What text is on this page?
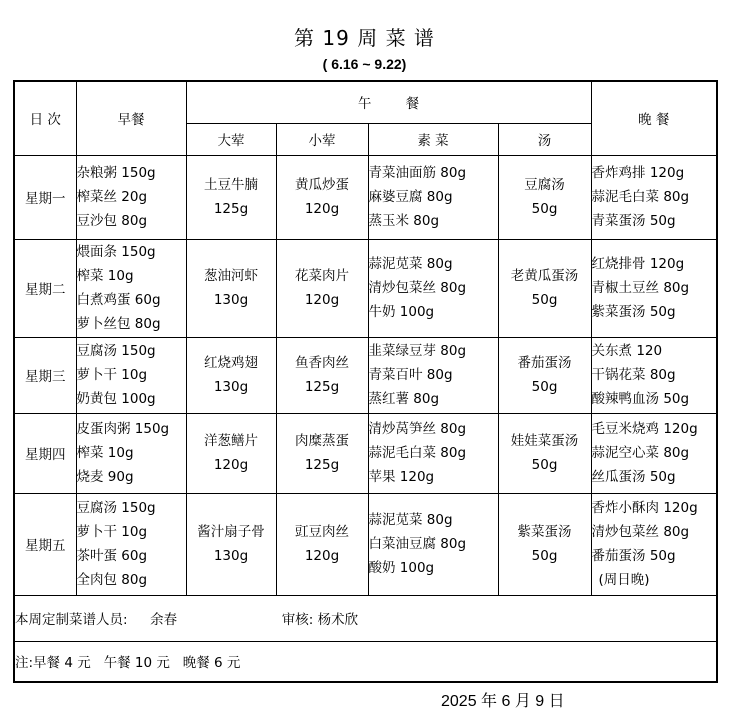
第 19 周 菜 谱
( 6.16 ~ 9.22)
日 次	早餐	午        餐				晚 餐
		大荤	小荤	素 菜	汤	
星期一	杂粮粥 150g
榨菜丝 20g
豆沙包 80g	土豆牛腩
125g	黄瓜炒蛋
120g	青菜油面筋 80g
麻婆豆腐 80g
蒸玉米 80g	豆腐汤
50g	香炸鸡排 120g
蒜泥毛白菜 80g
青菜蛋汤 50g

星期二	煨面条 150g
榨菜 10g
白煮鸡蛋 60g
萝卜丝包 80g	葱油河虾
130g	花菜肉片
120g	蒜泥苋菜 80g
清炒包菜丝 80g
牛奶 100g	老黄瓜蛋汤
50g	红烧排骨 120g
青椒土豆丝 80g
紫菜蛋汤 50g

星期三	豆腐汤 150g
萝卜干 10g
奶黄包 100g	红烧鸡翅
130g	鱼香肉丝
125g	韭菜绿豆芽 80g
青菜百叶 80g
蒸红薯 80g	番茄蛋汤
50g	关东煮 120
干锅花菜 80g
酸辣鸭血汤 50g

星期四	皮蛋肉粥 150g
榨菜 10g
烧麦 90g	洋葱鳝片
120g	肉糜蒸蛋
125g	清炒莴笋丝 80g
蒜泥毛白菜 80g
苹果 120g	娃娃菜蛋汤
50g	毛豆米烧鸡 120g
蒜泥空心菜 80g
丝瓜蛋汤 50g

星期五	豆腐汤 150g
萝卜干 10g
茶叶蛋 60g
全肉包 80g	酱汁扇子骨
130g	豇豆肉丝
120g	蒜泥苋菜 80g
白菜油豆腐 80g
酸奶 100g	紫菜蛋汤
50g	香炸小酥肉 120g
清炒包菜丝 80g
番茄蛋汤 50g
(周日晚)

本周定制菜谱人员: 余春 审核: 杨术欣						
注:早餐 4 元   午餐 10 元   晚餐 6 元						
2025 年 6 月 9 日
